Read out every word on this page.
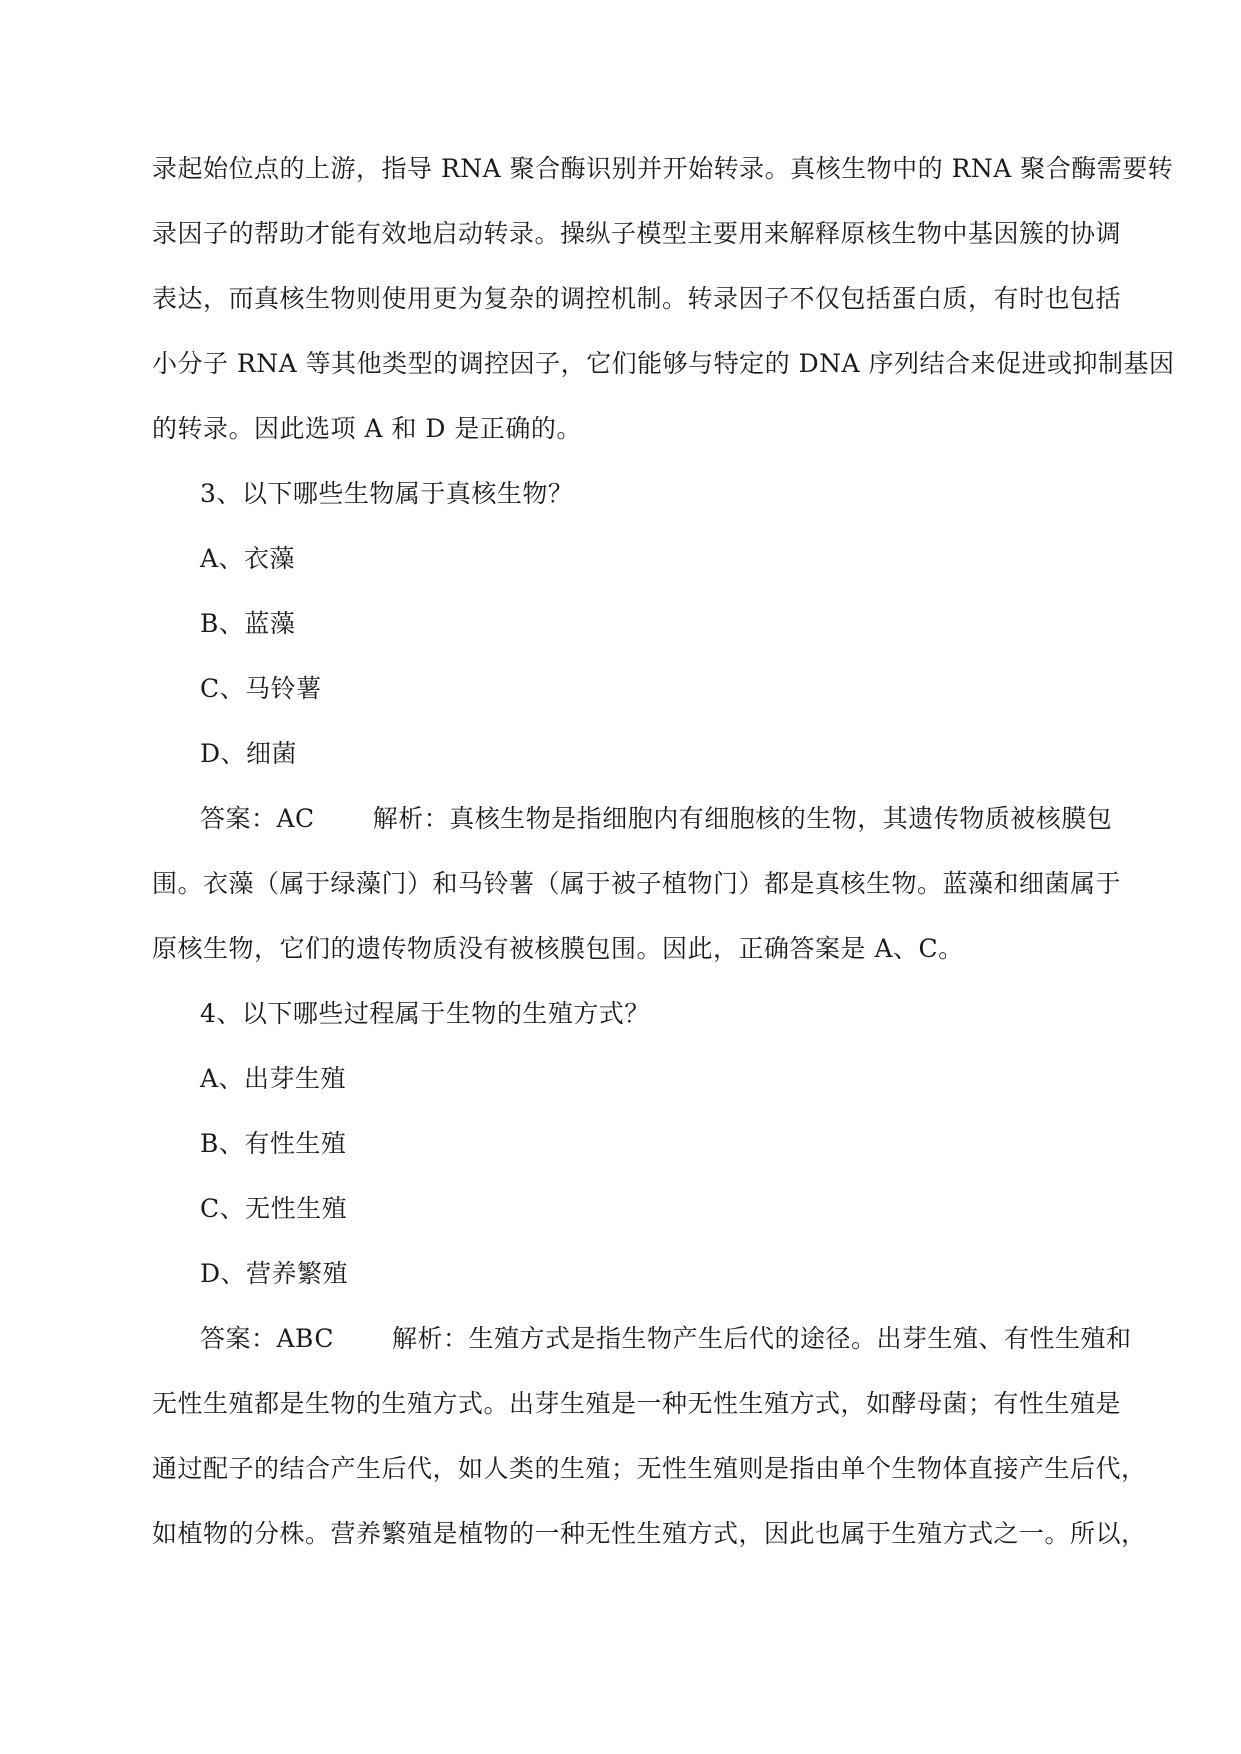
录起始位点的上游，指导 RNA 聚合酶识别并开始转录。真核生物中的 RNA 聚合酶需要转
录因子的帮助才能有效地启动转录。操纵子模型主要用来解释原核生物中基因簇的协调
表达，而真核生物则使用更为复杂的调控机制。转录因子不仅包括蛋白质，有时也包括
小分子 RNA 等其他类型的调控因子，它们能够与特定的 DNA 序列结合来促进或抑制基因
的转录。因此选项 A 和 D 是正确的。
3、以下哪些生物属于真核生物？
A、衣藻
B、蓝藻
C、马铃薯
D、细菌
答案：AC 解析：真核生物是指细胞内有细胞核的生物，其遗传物质被核膜包
围。衣藻（属于绿藻门）和马铃薯（属于被子植物门）都是真核生物。蓝藻和细菌属于
原核生物，它们的遗传物质没有被核膜包围。因此，正确答案是 A、C。
4、以下哪些过程属于生物的生殖方式？
A、出芽生殖
B、有性生殖
C、无性生殖
D、营养繁殖
答案：ABC 解析：生殖方式是指生物产生后代的途径。出芽生殖、有性生殖和
无性生殖都是生物的生殖方式。出芽生殖是一种无性生殖方式，如酵母菌；有性生殖是
通过配子的结合产生后代，如人类的生殖；无性生殖则是指由单个生物体直接产生后代，
如植物的分株。营养繁殖是植物的一种无性生殖方式，因此也属于生殖方式之一。所以，
